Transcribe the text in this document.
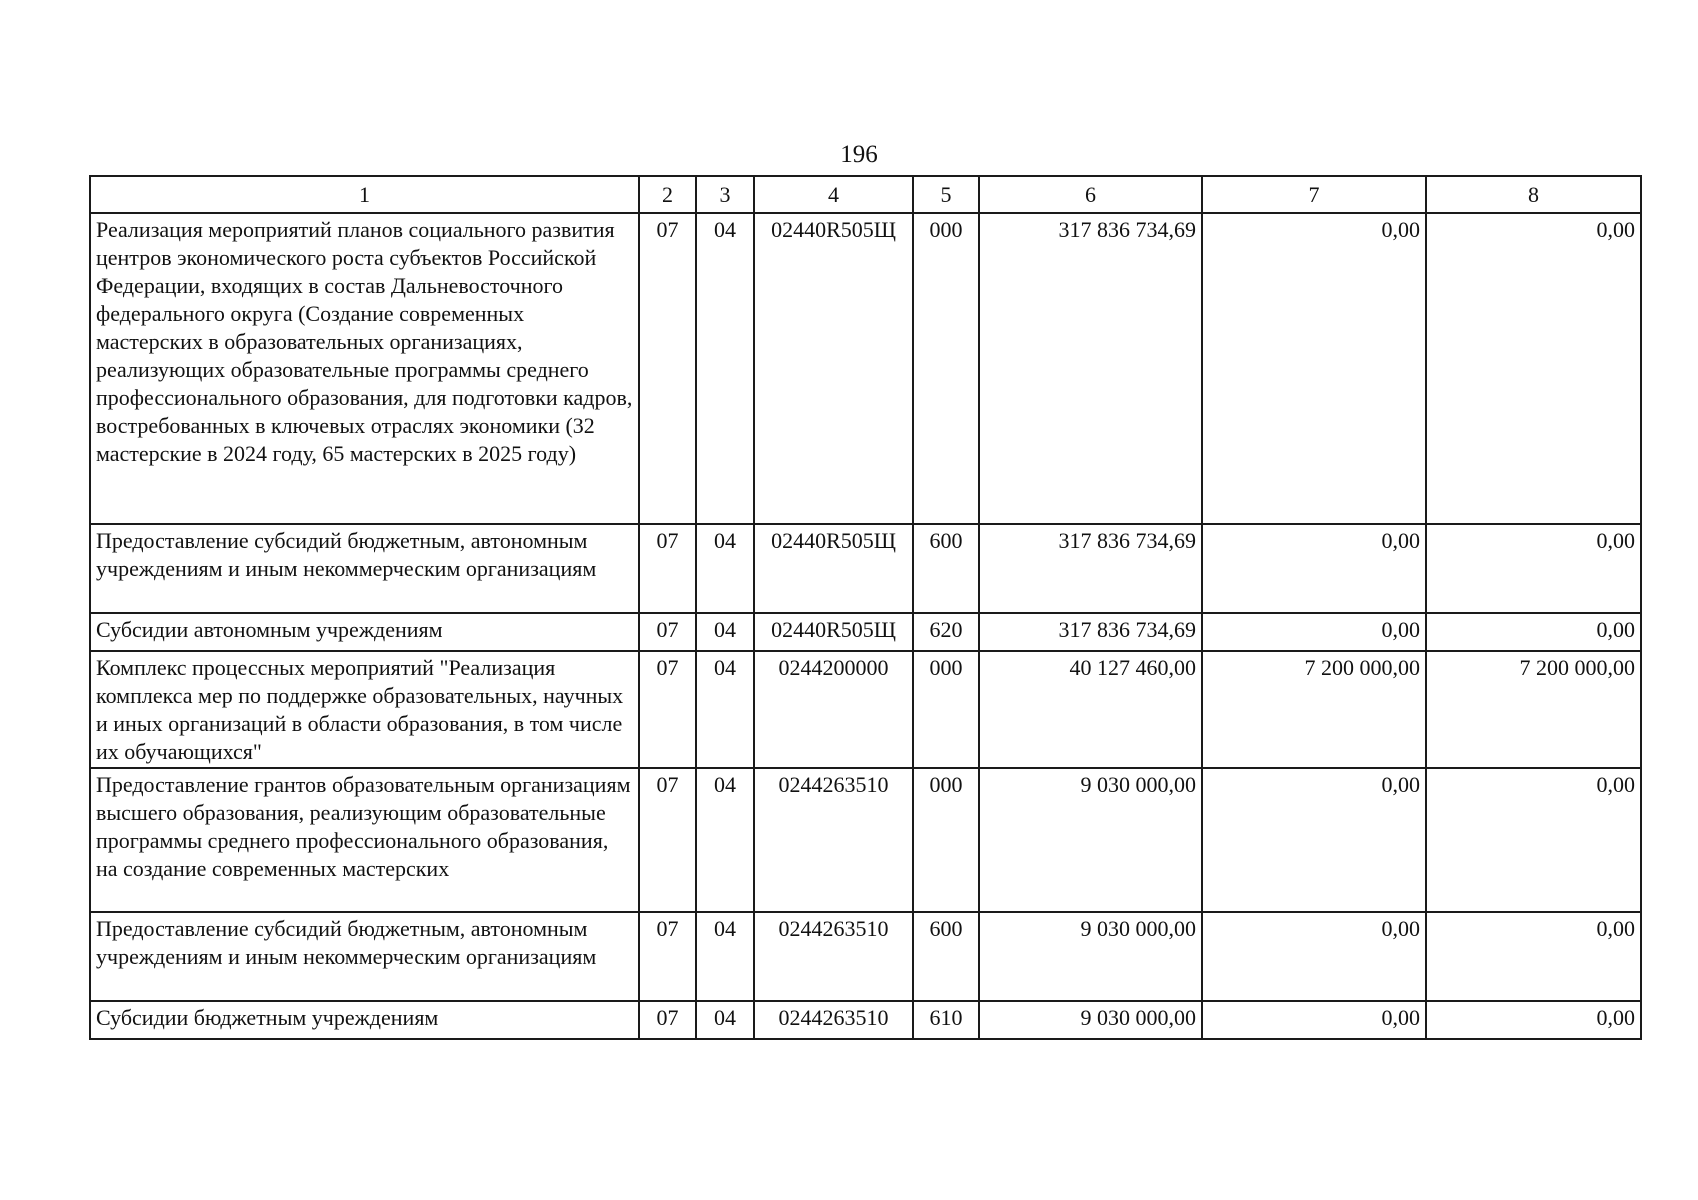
196
1	2	3	4	5	6	7	8
Реализация мероприятий планов социального развития центров экономического роста субъектов Российской Федерации, входящих в состав Дальневосточного федерального округа (Создание современных мастерских в образовательных организациях, реализующих образовательные программы среднего профессионального образования, для подготовки кадров, востребованных в ключевых отраслях экономики (32 мастерские в 2024 году, 65 мастерских в 2025 году)	07	04	02440R505Щ	000	317 836 734,69	0,00	0,00
Предоставление субсидий бюджетным, автономным учреждениям и иным некоммерческим организациям	07	04	02440R505Щ	600	317 836 734,69	0,00	0,00
Субсидии автономным учреждениям	07	04	02440R505Щ	620	317 836 734,69	0,00	0,00
Комплекс процессных мероприятий "Реализация комплекса мер по поддержке образовательных, научных и иных организаций в области образования, в том числе их обучающихся"	07	04	0244200000	000	40 127 460,00	7 200 000,00	7 200 000,00
Предоставление грантов образовательным организациям высшего образования, реализующим образовательные программы среднего профессионального образования, на создание современных мастерских	07	04	0244263510	000	9 030 000,00	0,00	0,00
Предоставление субсидий бюджетным, автономным учреждениям и иным некоммерческим организациям	07	04	0244263510	600	9 030 000,00	0,00	0,00
Субсидии бюджетным учреждениям	07	04	0244263510	610	9 030 000,00	0,00	0,00
